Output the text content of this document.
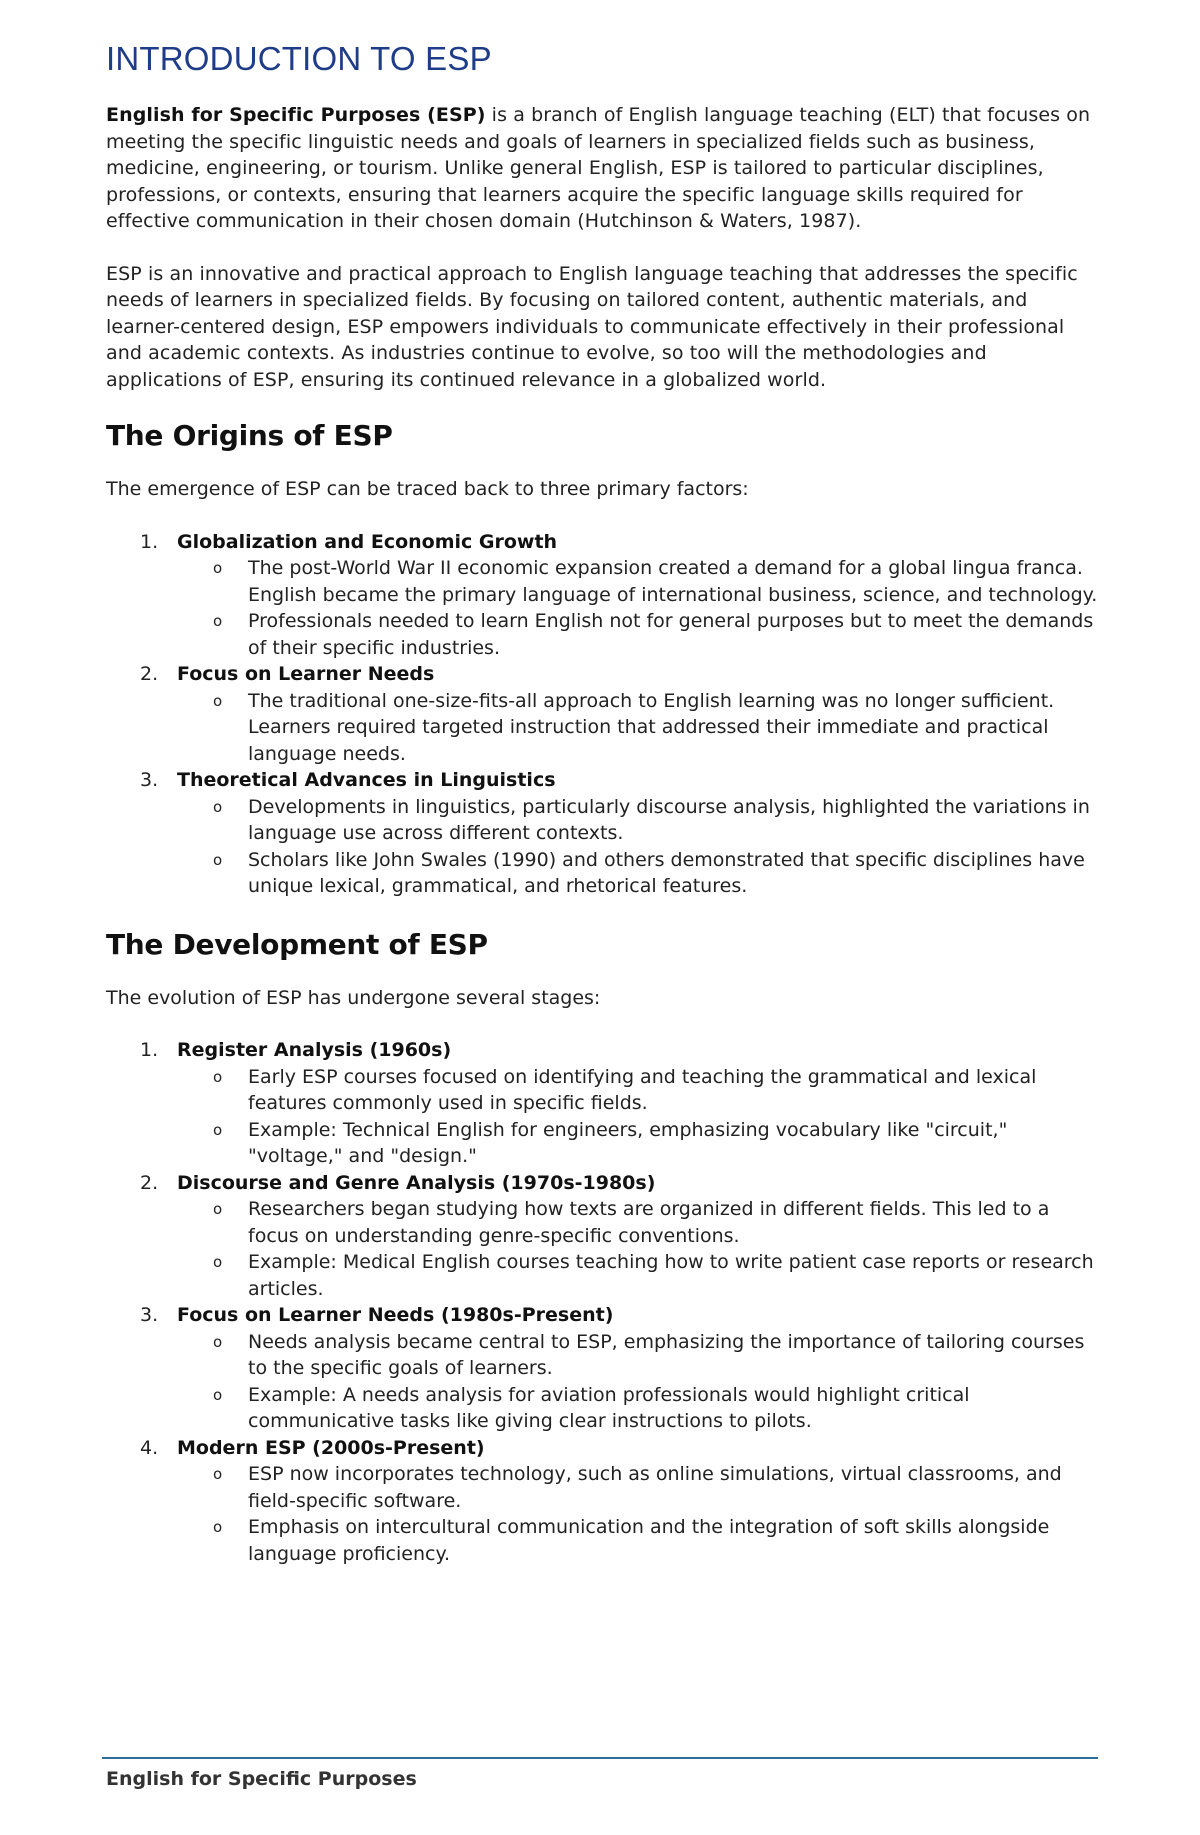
INTRODUCTION TO ESP

English for Specific Purposes (ESP) is a branch of English language teaching (ELT) that focuses on meeting the specific linguistic needs and goals of learners in specialized fields such as business, medicine, engineering, or tourism. Unlike general English, ESP is tailored to particular disciplines, professions, or contexts, ensuring that learners acquire the specific language skills required for effective communication in their chosen domain (Hutchinson & Waters, 1987).

ESP is an innovative and practical approach to English language teaching that addresses the specific needs of learners in specialized fields. By focusing on tailored content, authentic materials, and learner-centered design, ESP empowers individuals to communicate effectively in their professional and academic contexts. As industries continue to evolve, so too will the methodologies and applications of ESP, ensuring its continued relevance in a globalized world.

The Origins of ESP

The emergence of ESP can be traced back to three primary factors:

1. Globalization and Economic Growth
o The post-World War II economic expansion created a demand for a global lingua franca. English became the primary language of international business, science, and technology.
o Professionals needed to learn English not for general purposes but to meet the demands of their specific industries.
2. Focus on Learner Needs
o The traditional one-size-fits-all approach to English learning was no longer sufficient. Learners required targeted instruction that addressed their immediate and practical language needs.
3. Theoretical Advances in Linguistics
o Developments in linguistics, particularly discourse analysis, highlighted the variations in language use across different contexts.
o Scholars like John Swales (1990) and others demonstrated that specific disciplines have unique lexical, grammatical, and rhetorical features.
The Development of ESP

The evolution of ESP has undergone several stages:

1. Register Analysis (1960s)
o Early ESP courses focused on identifying and teaching the grammatical and lexical features commonly used in specific fields.
o Example: Technical English for engineers, emphasizing vocabulary like "circuit," "voltage," and "design."
2. Discourse and Genre Analysis (1970s-1980s)
o Researchers began studying how texts are organized in different fields. This led to a focus on understanding genre-specific conventions.
o Example: Medical English courses teaching how to write patient case reports or research articles.
3. Focus on Learner Needs (1980s-Present)
o Needs analysis became central to ESP, emphasizing the importance of tailoring courses to the specific goals of learners.
o Example: A needs analysis for aviation professionals would highlight critical communicative tasks like giving clear instructions to pilots.
4. Modern ESP (2000s-Present)
o ESP now incorporates technology, such as online simulations, virtual classrooms, and field-specific software.
o Emphasis on intercultural communication and the integration of soft skills alongside language proficiency.
English for Specific Purposes
